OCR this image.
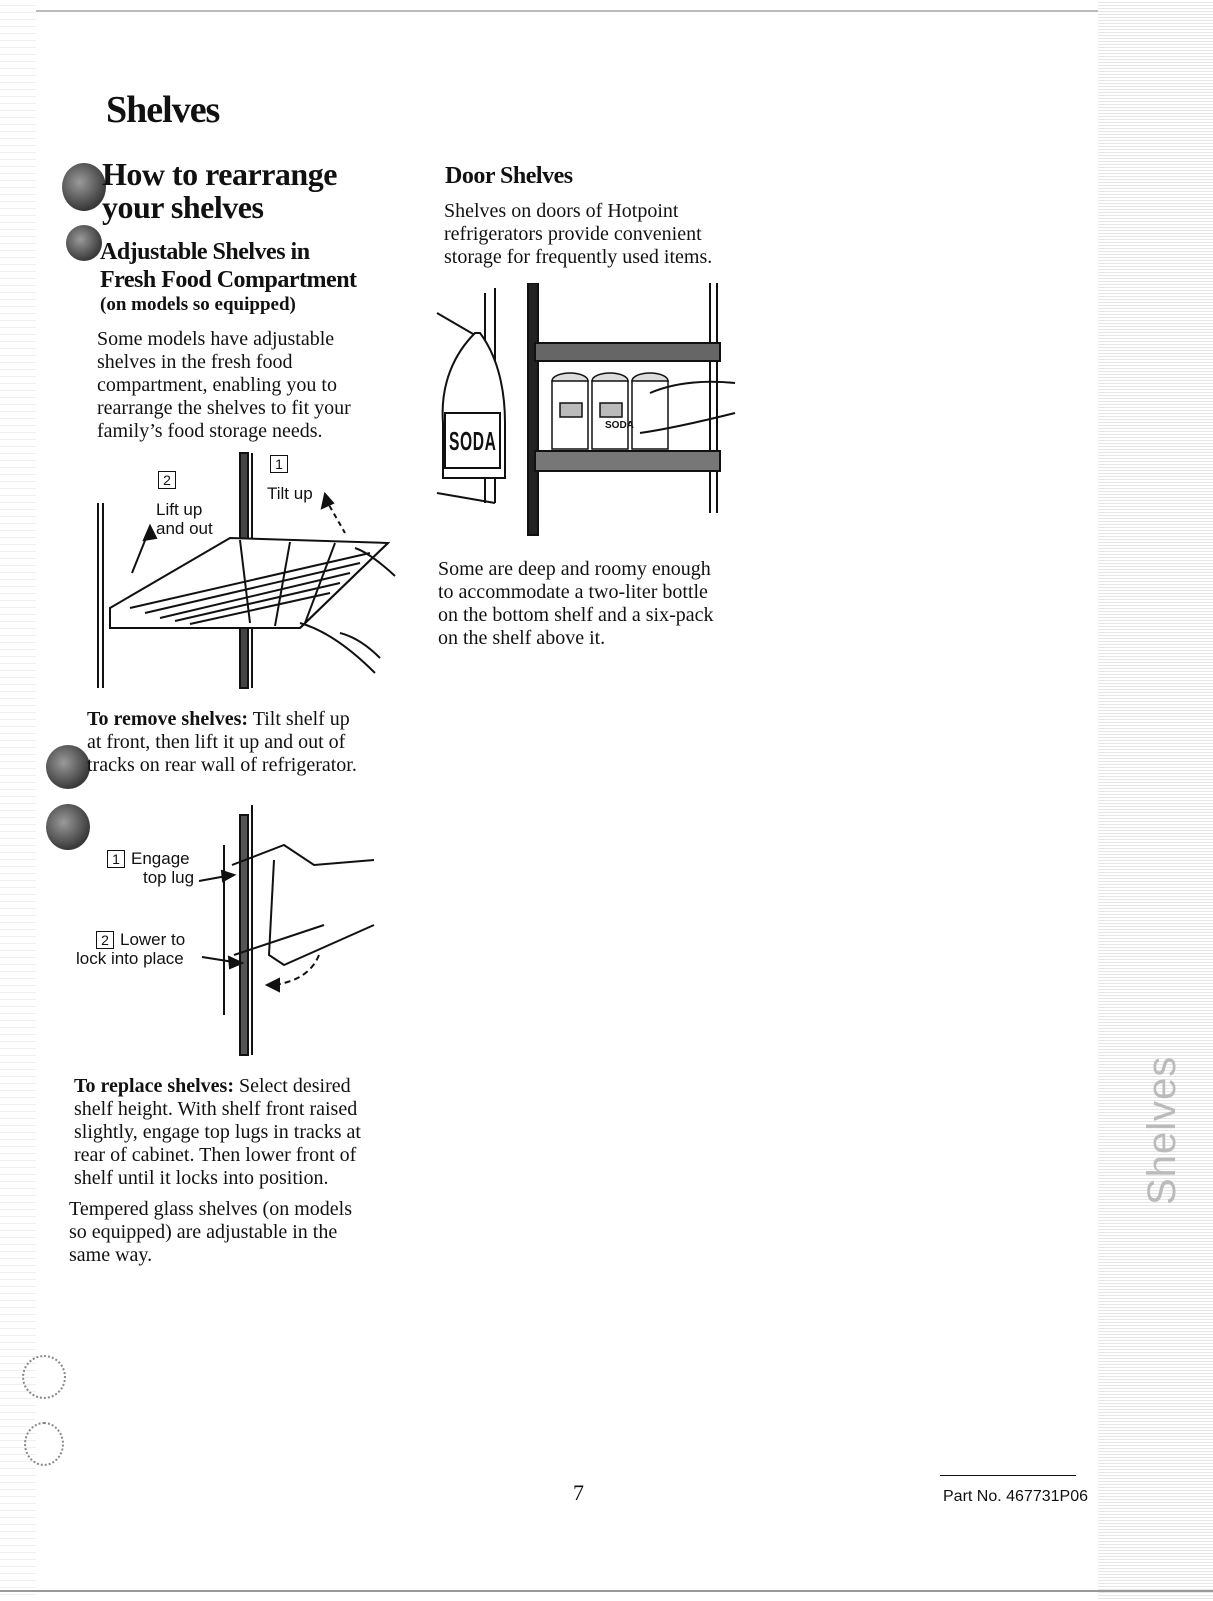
Shelves
Shelves
How to rearrange
your shelves
Adjustable Shelves in
Fresh Food Compartment
(on models so equipped)
Some models have adjustable
shelves in the fresh food
compartment, enabling you to
rearrange the shelves to fit your
family’s food storage needs.
2
Lift up
and out
1
Tilt up
To remove shelves: Tilt shelf up
at front, then lift it up and out of
tracks on rear wall of refrigerator.
1 Engage
top lug
2 Lower to
lock into place
To replace shelves: Select desired
shelf height. With shelf front raised
slightly, engage top lugs in tracks at
rear of cabinet. Then lower front of
shelf until it locks into position.
Tempered glass shelves (on models
so equipped) are adjustable in the
same way.
Door Shelves
Shelves on doors of Hotpoint
refrigerators provide convenient
storage for frequently used items.
SODA
SODA
Some are deep and roomy enough
to accommodate a two-liter bottle
on the bottom shelf and a six-pack
on the shelf above it.
7	Part No. 467731P06
